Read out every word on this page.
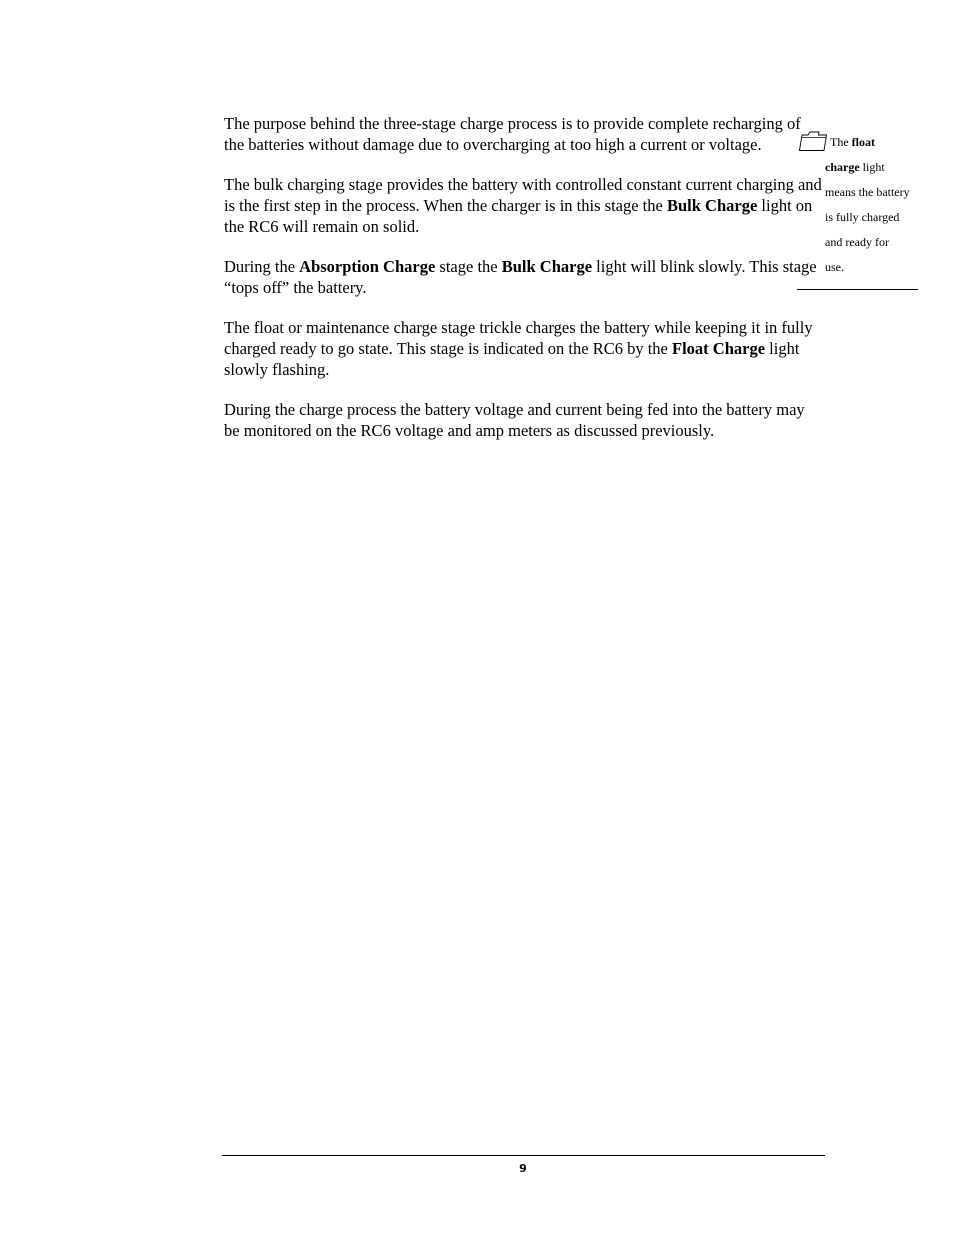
The purpose behind the three-stage charge process is to provide complete recharging of the batteries without damage due to overcharging at too high a current or voltage.

The bulk charging stage provides the battery with controlled constant current charging and is the first step in the process. When the charger is in this stage the Bulk Charge light on the RC6 will remain on solid.

During the Absorption Charge stage the Bulk Charge light will blink slowly. This stage “tops off” the battery.

The float or maintenance charge stage trickle charges the battery while keeping it in fully charged ready to go state. This stage is indicated on the RC6 by the Float Charge light slowly flashing.

During the charge process the battery voltage and current being fed into the battery may be monitored on the RC6 voltage and amp meters as discussed previously.

The float charge light means the battery is fully charged and ready for use.

9
